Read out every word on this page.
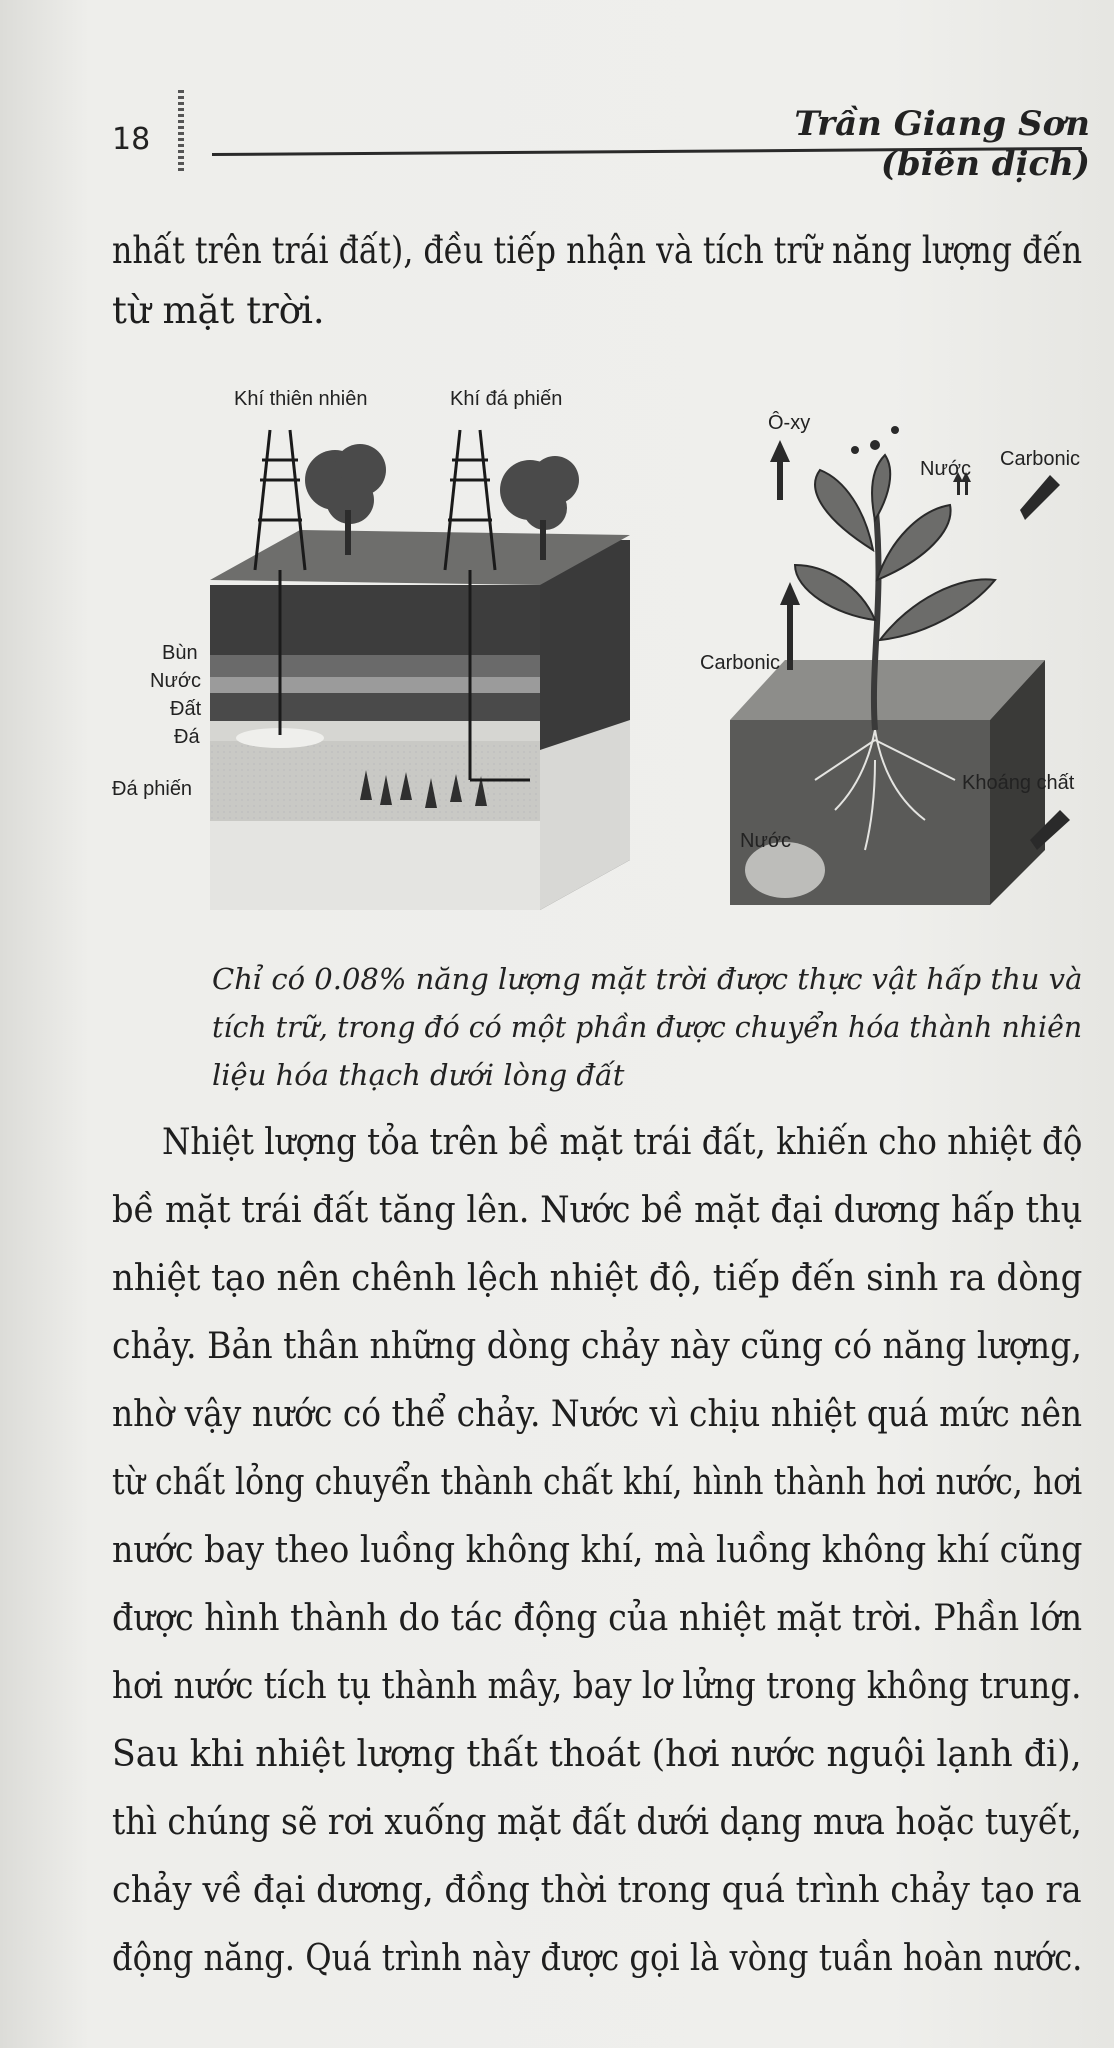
18	Trần Giang Sơn (biên dịch)
nhất trên trái đất), đều tiếp nhận và tích trữ năng lượng đến
từ mặt trời.
Khí thiên nhiên	Khí đá phiến
Bùn
Nước
Đất
Đá
Đá phiến
Ô-xy
Nước Carbonic
Carbonic
Khoáng chất
Nước
Chỉ có 0.08% năng lượng mặt trời được thực vật hấp thu và
tích trữ, trong đó có một phần được chuyển hóa thành nhiên
liệu hóa thạch dưới lòng đất
Nhiệt lượng tỏa trên bề mặt trái đất, khiến cho nhiệt độ
bề mặt trái đất tăng lên. Nước bề mặt đại dương hấp thụ
nhiệt tạo nên chênh lệch nhiệt độ, tiếp đến sinh ra dòng
chảy. Bản thân những dòng chảy này cũng có năng lượng,
nhờ vậy nước có thể chảy. Nước vì chịu nhiệt quá mức nên
từ chất lỏng chuyển thành chất khí, hình thành hơi nước, hơi
nước bay theo luồng không khí, mà luồng không khí cũng
được hình thành do tác động của nhiệt mặt trời. Phần lớn
hơi nước tích tụ thành mây, bay lơ lửng trong không trung.
Sau khi nhiệt lượng thất thoát (hơi nước nguội lạnh đi),
thì chúng sẽ rơi xuống mặt đất dưới dạng mưa hoặc tuyết,
chảy về đại dương, đồng thời trong quá trình chảy tạo ra
động năng. Quá trình này được gọi là vòng tuần hoàn nước.
